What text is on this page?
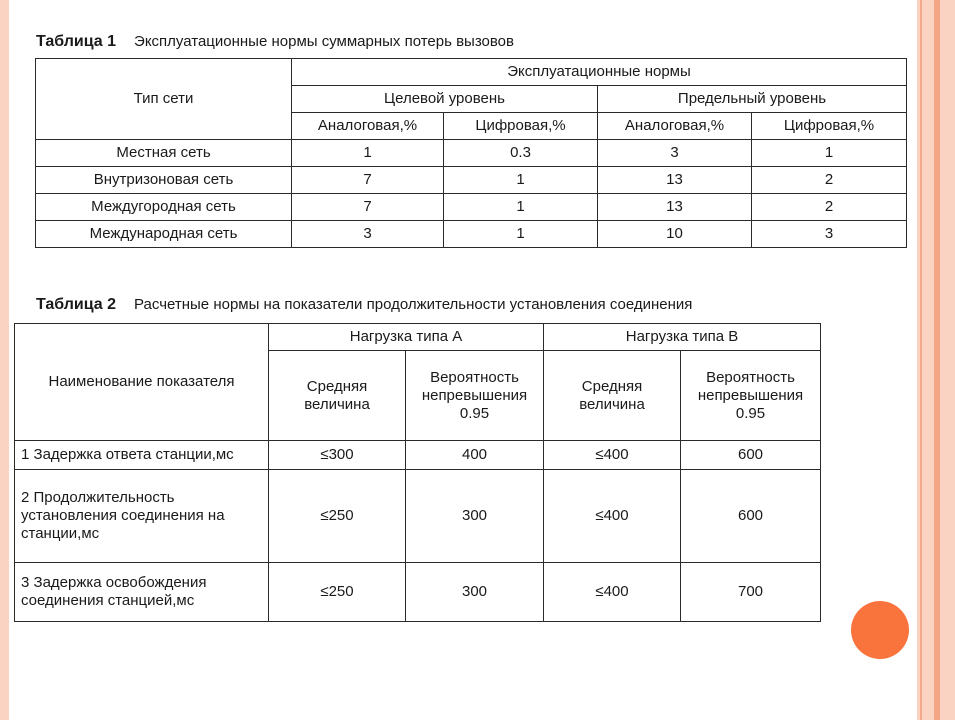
Таблица 1 Эксплуатационные нормы суммарных потерь вызовов
Тип сети	Эксплуатационные нормы			
	Целевой уровень		Предельный уровень	
	Аналоговая,%	Цифровая,%	Аналоговая,%	Цифровая,%
Местная сеть	1	0.3	3	1
Внутризоновая сеть	7	1	13	2
Междугородная сеть	7	1	13	2
Международная сеть	3	1	10	3
Таблица 2 Расчетные нормы на показатели продолжительности установления соединения
Наименование показателя	Нагрузка типа А		Нагрузка типа В	
	Средняя величина	Вероятность непревышения 0.95	Средняя величина	Вероятность непревышения 0.95
1 Задержка ответа станции,мс	≤300	400	≤400	600
2 Продолжительность установления соединения на станции,мс	≤250	300	≤400	600
3 Задержка освобождения соединения станцией,мс	≤250	300	≤400	700
